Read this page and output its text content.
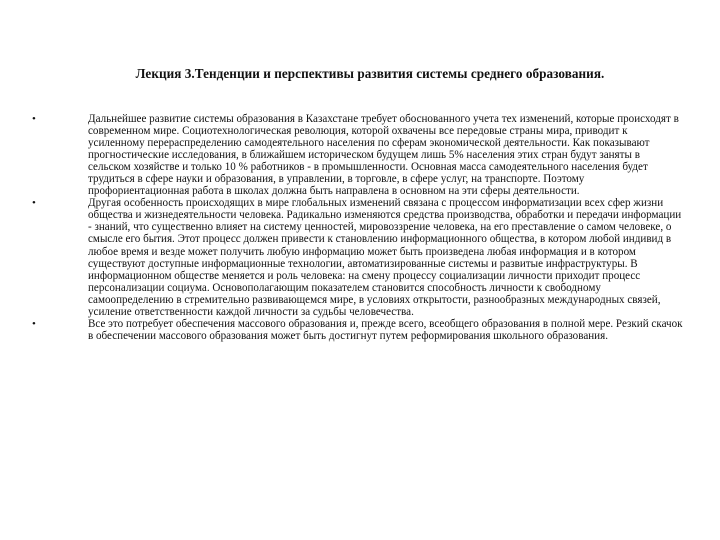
Лекция 3.Тенденции и перспективы развития системы среднего образования.
•	Дальнейшее развитие системы образования в Казахстане требует обоснованного учета тех изменений, которые происходят в современном мире. Социотехнологическая революция, которой охвачены все передовые страны мира, приводит к усиленному перераспределению самодеятельного населения по сферам экономической деятельности. Как показывают прогностические исследования, в ближайшем историческом будущем лишь 5% населения этих стран будут заняты в сельском хозяйстве и только 10 % работников - в промышленности. Основная масса самодеятельного населения будет трудиться в сфере науки и образования, в управлении, в торговле, в сфере услуг, на транспорте. Поэтому профориентационная работа в школах должна быть направлена в основном на эти сферы деятельности.
•	Другая особенность происходящих в мире глобальных изменений связана с процессом информатизации всех сфер жизни общества и жизнедеятельности человека. Радикально изменяются средства производства, обработки и передачи информации - знаний, что существенно влияет на систему ценностей, мировоззрение человека, на его преставление о самом человеке, о смысле его бытия. Этот процесс должен привести к становлению информационного общества, в котором любой индивид в любое время и везде может получить любую информацию может быть произведена любая информация и в котором существуют доступные информационные технологии, автоматизированные системы и развитые инфраструктуры. В информационном обществе меняется и роль человека: на смену процессу социализации личности приходит процесс персонализации социума. Основополагающим показателем становится способность личности к свободному самоопределению в стремительно развивающемся мире, в условиях открытости, разнообразных международных связей, усиление ответственности каждой личности за судьбы человечества.
•	Все это потребует обеспечения массового образования и, прежде всего, всеобщего образования в полной мере. Резкий скачок в обеспечении массового образования может быть достигнут путем реформирования школьного образования.
